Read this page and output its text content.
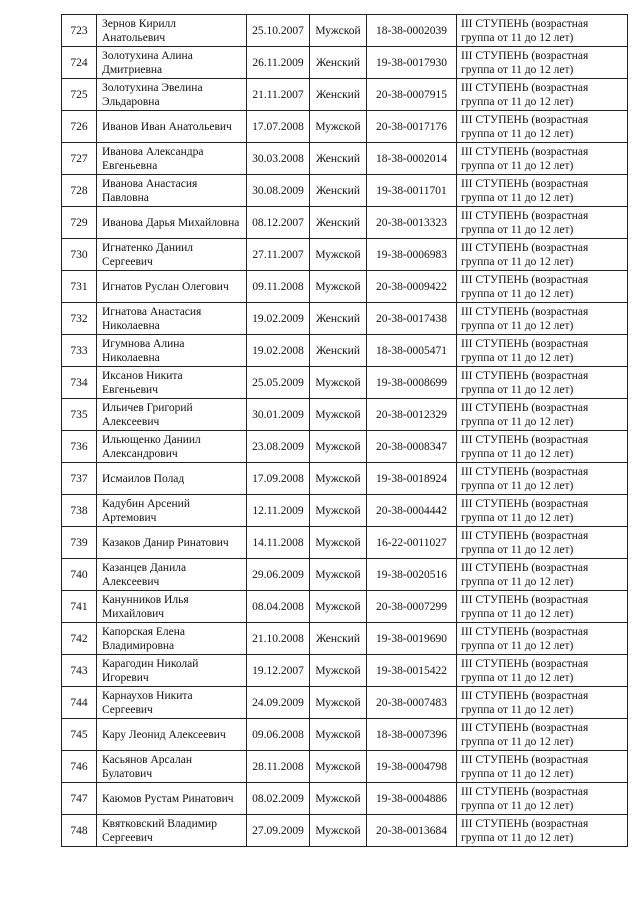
723	Зернов Кирилл Анатольевич	25.10.2007	Мужской	18-38-0002039	III СТУПЕНЬ (возрастная группа от 11 до 12 лет)
724	Золотухина Алина Дмитриевна	26.11.2009	Женский	19-38-0017930	III СТУПЕНЬ (возрастная группа от 11 до 12 лет)
725	Золотухина Эвелина Эльдаровна	21.11.2007	Женский	20-38-0007915	III СТУПЕНЬ (возрастная группа от 11 до 12 лет)
726	Иванов Иван Анатольевич	17.07.2008	Мужской	20-38-0017176	III СТУПЕНЬ (возрастная группа от 11 до 12 лет)
727	Иванова Александра Евгеньевна	30.03.2008	Женский	18-38-0002014	III СТУПЕНЬ (возрастная группа от 11 до 12 лет)
728	Иванова Анастасия Павловна	30.08.2009	Женский	19-38-0011701	III СТУПЕНЬ (возрастная группа от 11 до 12 лет)
729	Иванова Дарья Михайловна	08.12.2007	Женский	20-38-0013323	III СТУПЕНЬ (возрастная группа от 11 до 12 лет)
730	Игнатенко Даниил Сергеевич	27.11.2007	Мужской	19-38-0006983	III СТУПЕНЬ (возрастная группа от 11 до 12 лет)
731	Игнатов Руслан Олегович	09.11.2008	Мужской	20-38-0009422	III СТУПЕНЬ (возрастная группа от 11 до 12 лет)
732	Игнатова Анастасия Николаевна	19.02.2009	Женский	20-38-0017438	III СТУПЕНЬ (возрастная группа от 11 до 12 лет)
733	Игумнова Алина Николаевна	19.02.2008	Женский	18-38-0005471	III СТУПЕНЬ (возрастная группа от 11 до 12 лет)
734	Иксанов Никита Евгеньевич	25.05.2009	Мужской	19-38-0008699	III СТУПЕНЬ (возрастная группа от 11 до 12 лет)
735	Ильичев Григорий Алексеевич	30.01.2009	Мужской	20-38-0012329	III СТУПЕНЬ (возрастная группа от 11 до 12 лет)
736	Ильющенко Даниил Александрович	23.08.2009	Мужской	20-38-0008347	III СТУПЕНЬ (возрастная группа от 11 до 12 лет)
737	Исмаилов Полад	17.09.2008	Мужской	19-38-0018924	III СТУПЕНЬ (возрастная группа от 11 до 12 лет)
738	Кадубин Арсений Артемович	12.11.2009	Мужской	20-38-0004442	III СТУПЕНЬ (возрастная группа от 11 до 12 лет)
739	Казаков Данир Ринатович	14.11.2008	Мужской	16-22-0011027	III СТУПЕНЬ (возрастная группа от 11 до 12 лет)
740	Казанцев Данила Алексеевич	29.06.2009	Мужской	19-38-0020516	III СТУПЕНЬ (возрастная группа от 11 до 12 лет)
741	Канунников Илья Михайлович	08.04.2008	Мужской	20-38-0007299	III СТУПЕНЬ (возрастная группа от 11 до 12 лет)
742	Капорская Елена Владимировна	21.10.2008	Женский	19-38-0019690	III СТУПЕНЬ (возрастная группа от 11 до 12 лет)
743	Карагодин Николай Игоревич	19.12.2007	Мужской	19-38-0015422	III СТУПЕНЬ (возрастная группа от 11 до 12 лет)
744	Карнаухов Никита Сергеевич	24.09.2009	Мужской	20-38-0007483	III СТУПЕНЬ (возрастная группа от 11 до 12 лет)
745	Кару Леонид Алексеевич	09.06.2008	Мужской	18-38-0007396	III СТУПЕНЬ (возрастная группа от 11 до 12 лет)
746	Касьянов Арсалан Булатович	28.11.2008	Мужской	19-38-0004798	III СТУПЕНЬ (возрастная группа от 11 до 12 лет)
747	Каюмов Рустам Ринатович	08.02.2009	Мужской	19-38-0004886	III СТУПЕНЬ (возрастная группа от 11 до 12 лет)
748	Квятковский Владимир Сергеевич	27.09.2009	Мужской	20-38-0013684	III СТУПЕНЬ (возрастная группа от 11 до 12 лет)
